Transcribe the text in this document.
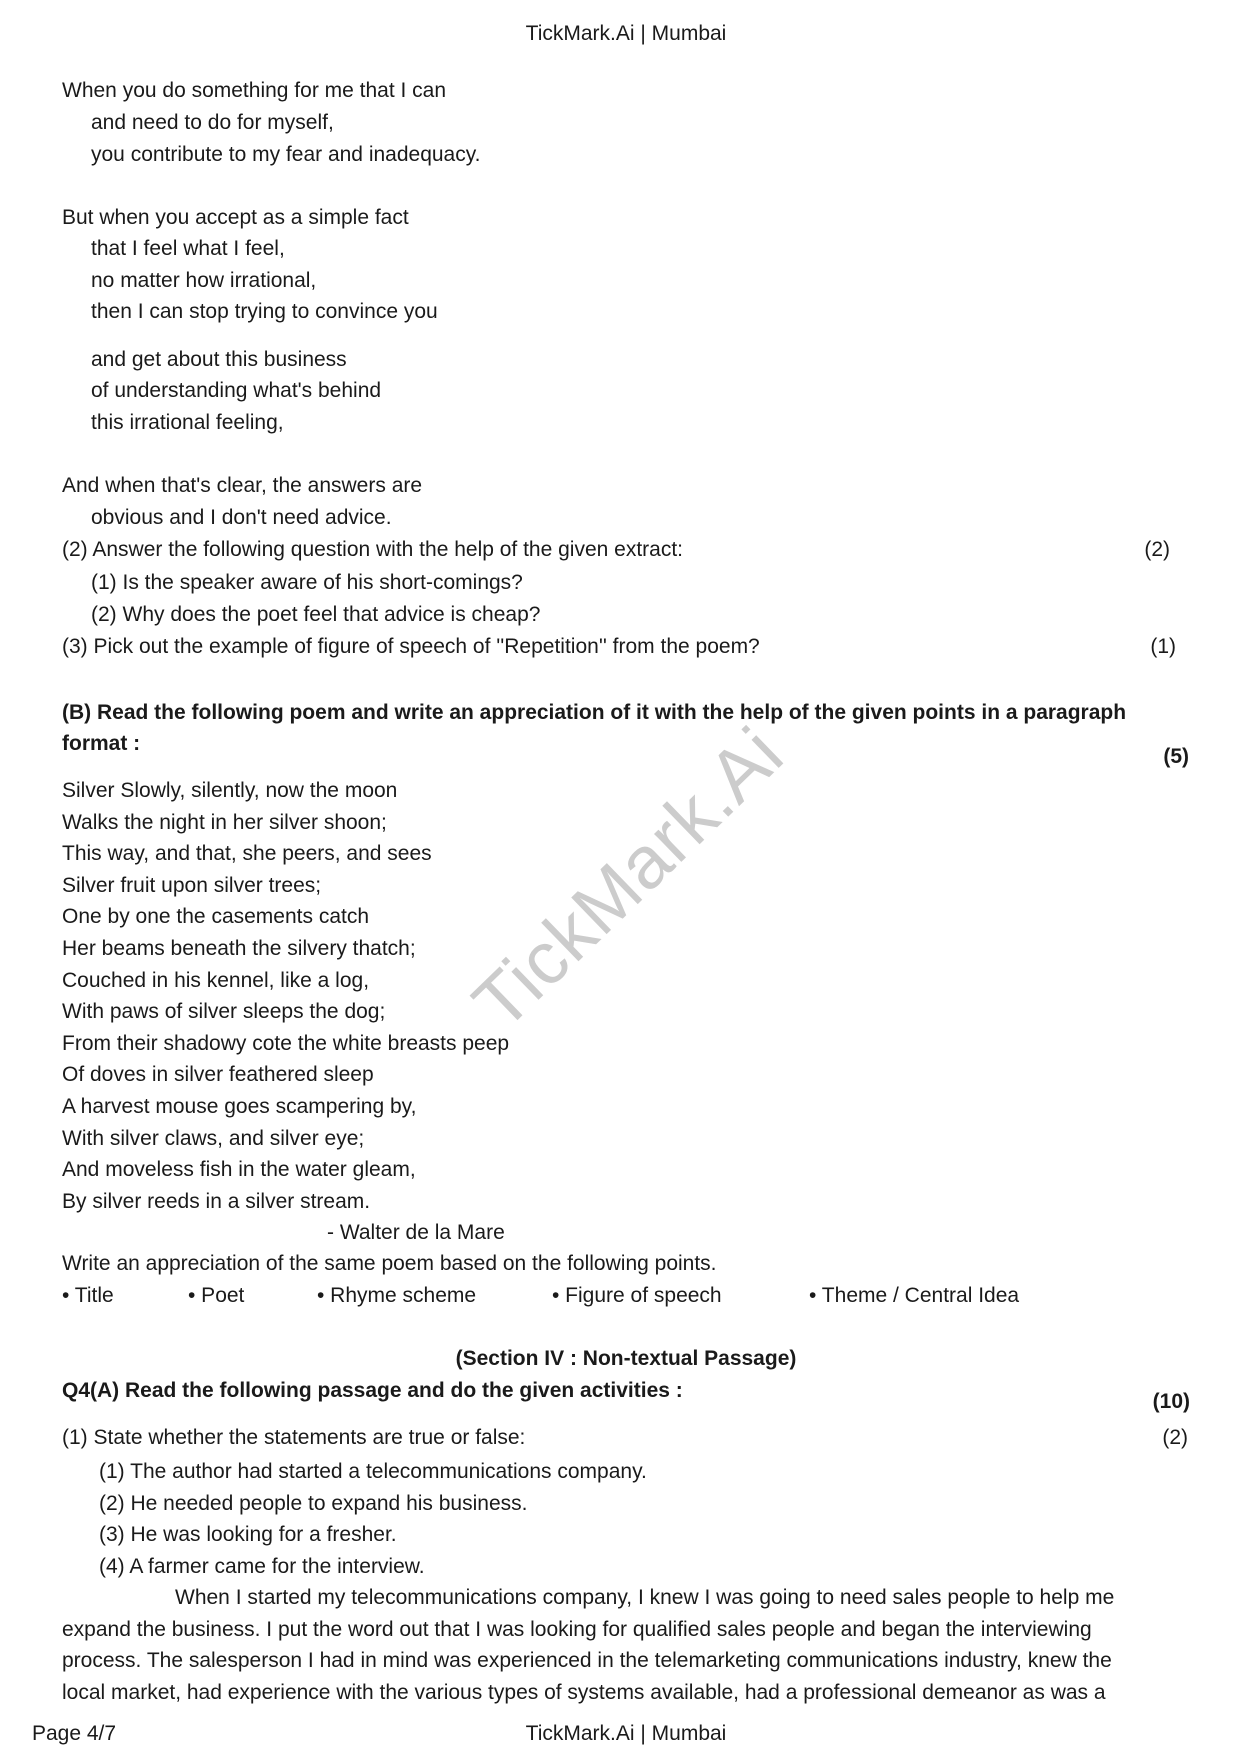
TickMark.Ai
TickMark.Ai | Mumbai
When you do something for me that I can
and need to do for myself,
you contribute to my fear and inadequacy.
But when you accept as a simple fact
that I feel what I feel,
no matter how irrational,
then I can stop trying to convince you
and get about this business
of understanding what's behind
this irrational feeling,
And when that's clear, the answers are
obvious and I don't need advice.
(2) Answer the following question with the help of the given extract:	(2)
(1) Is the speaker aware of his short-comings?
(2) Why does the poet feel that advice is cheap?
(3) Pick out the example of figure of speech of ''Repetition'' from the poem?	(1)
(B) Read the following poem and write an appreciation of it with the help of the given points in a paragraph
format :
(5)
Silver Slowly, silently, now the moon
Walks the night in her silver shoon;
This way, and that, she peers, and sees
Silver fruit upon silver trees;
One by one the casements catch
Her beams beneath the silvery thatch;
Couched in his kennel, like a log,
With paws of silver sleeps the dog;
From their shadowy cote the white breasts peep
Of doves in silver feathered sleep
A harvest mouse goes scampering by,
With silver claws, and silver eye;
And moveless fish in the water gleam,
By silver reeds in a silver stream.
- Walter de la Mare
Write an appreciation of the same poem based on the following points.
• Title	• Poet	• Rhyme scheme	• Figure of speech	• Theme / Central Idea
(Section IV : Non-textual Passage)
Q4(A) Read the following passage and do the given activities :	(10)
(1) State whether the statements are true or false:	(2)
(1) The author had started a telecommunications company.
(2) He needed people to expand his business.
(3) He was looking for a fresher.
(4) A farmer came for the interview.
When I started my telecommunications company, I knew I was going to need sales people to help me
expand the business. I put the word out that I was looking for qualified sales people and began the interviewing
process. The salesperson I had in mind was experienced in the telemarketing communications industry, knew the
local market, had experience with the various types of systems available, had a professional demeanor as was a
Page 4/7	TickMark.Ai | Mumbai
